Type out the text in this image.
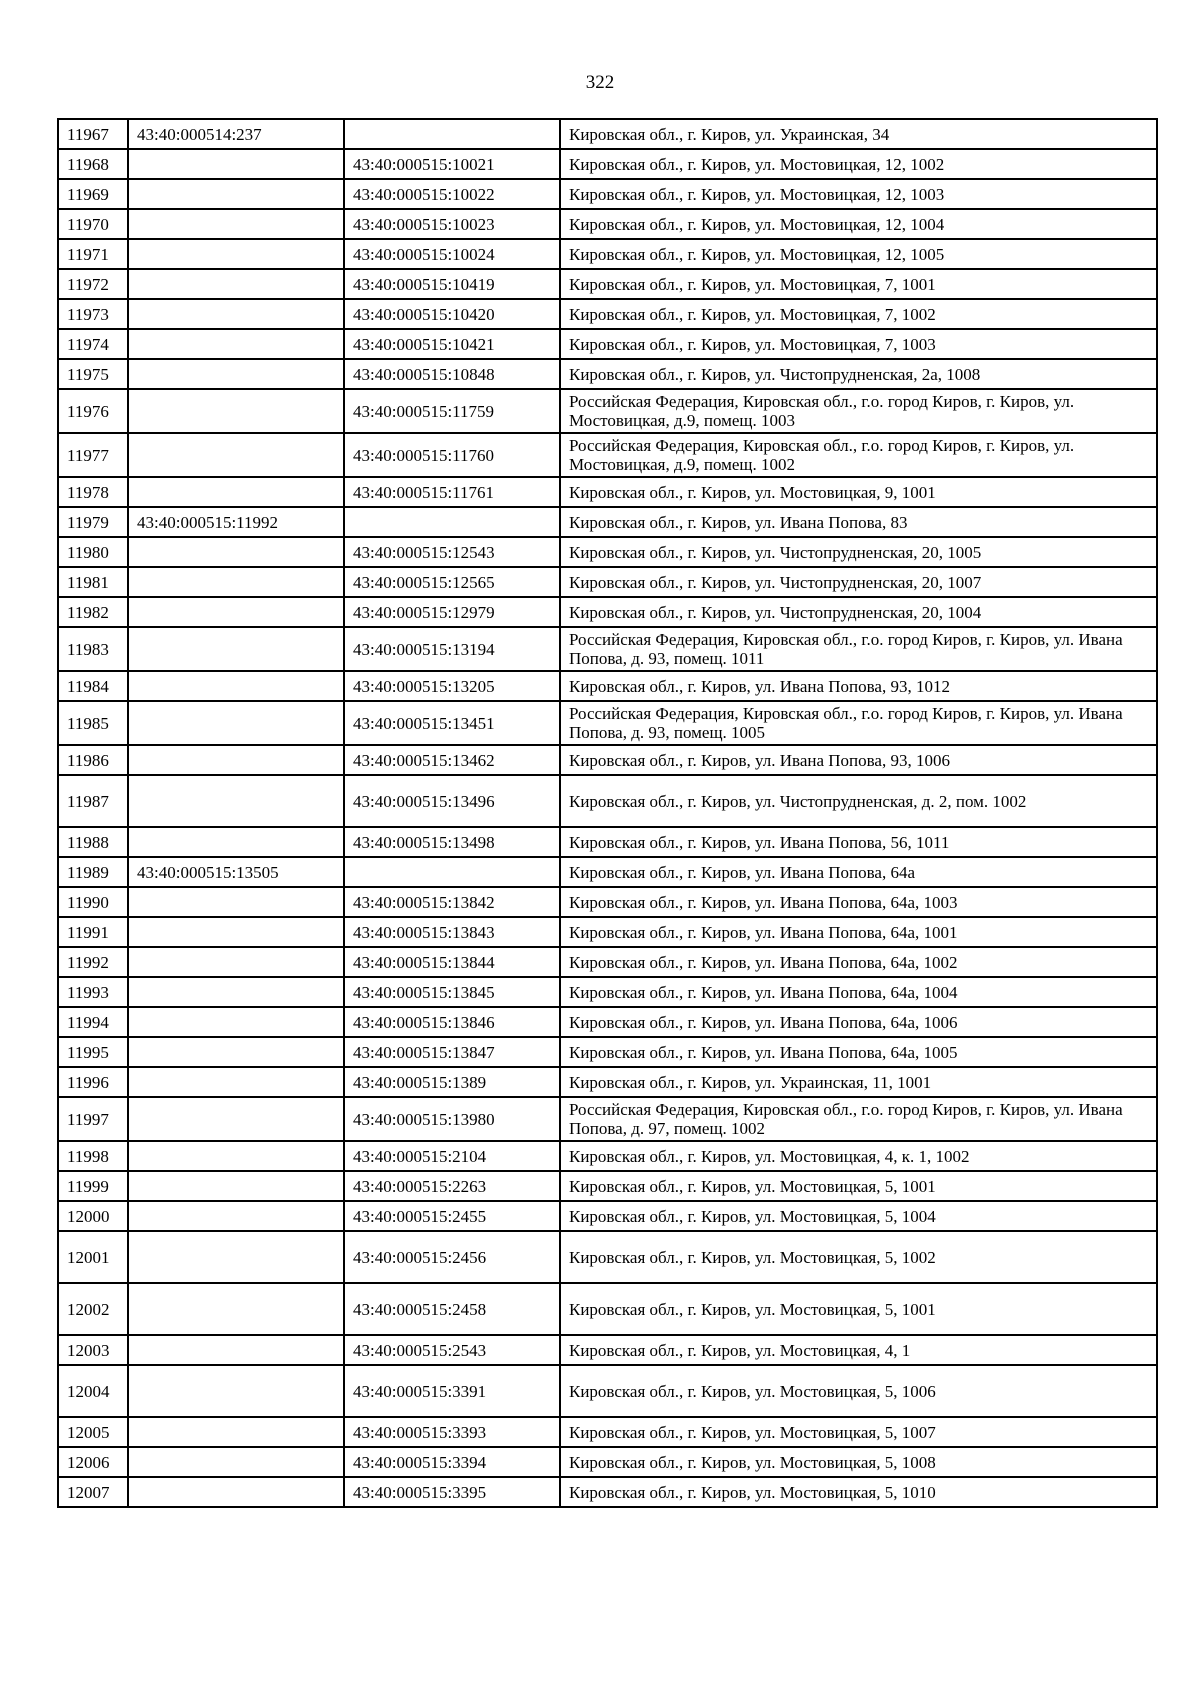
322
11967	43:40:000514:237		Кировская обл., г. Киров, ул. Украинская, 34
11968		43:40:000515:10021	Кировская обл., г. Киров, ул. Мостовицкая, 12, 1002
11969		43:40:000515:10022	Кировская обл., г. Киров, ул. Мостовицкая, 12, 1003
11970		43:40:000515:10023	Кировская обл., г. Киров, ул. Мостовицкая, 12, 1004
11971		43:40:000515:10024	Кировская обл., г. Киров, ул. Мостовицкая, 12, 1005
11972		43:40:000515:10419	Кировская обл., г. Киров, ул. Мостовицкая, 7, 1001
11973		43:40:000515:10420	Кировская обл., г. Киров, ул. Мостовицкая, 7, 1002
11974		43:40:000515:10421	Кировская обл., г. Киров, ул. Мостовицкая, 7, 1003
11975		43:40:000515:10848	Кировская обл., г. Киров, ул. Чистопрудненская, 2а, 1008
11976		43:40:000515:11759	Российская Федерация, Кировская обл., г.о. город Киров, г. Киров, ул. Мостовицкая, д.9, помещ. 1003
11977		43:40:000515:11760	Российская Федерация, Кировская обл., г.о. город Киров, г. Киров, ул. Мостовицкая, д.9, помещ. 1002
11978		43:40:000515:11761	Кировская обл., г. Киров, ул. Мостовицкая, 9, 1001
11979	43:40:000515:11992		Кировская обл., г. Киров, ул. Ивана Попова, 83
11980		43:40:000515:12543	Кировская обл., г. Киров, ул. Чистопрудненская, 20, 1005
11981		43:40:000515:12565	Кировская обл., г. Киров, ул. Чистопрудненская, 20, 1007
11982		43:40:000515:12979	Кировская обл., г. Киров, ул. Чистопрудненская, 20, 1004
11983		43:40:000515:13194	Российская Федерация, Кировская обл., г.о. город Киров, г. Киров, ул. Ивана Попова, д. 93, помещ. 1011
11984		43:40:000515:13205	Кировская обл., г. Киров, ул. Ивана Попова, 93, 1012
11985		43:40:000515:13451	Российская Федерация, Кировская обл., г.о. город Киров, г. Киров, ул. Ивана Попова, д. 93, помещ. 1005
11986		43:40:000515:13462	Кировская обл., г. Киров, ул. Ивана Попова, 93, 1006
11987		43:40:000515:13496	Кировская обл., г. Киров, ул. Чистопрудненская, д. 2, пом. 1002
11988		43:40:000515:13498	Кировская обл., г. Киров, ул. Ивана Попова, 56, 1011
11989	43:40:000515:13505		Кировская обл., г. Киров, ул. Ивана Попова, 64а
11990		43:40:000515:13842	Кировская обл., г. Киров, ул. Ивана Попова, 64а, 1003
11991		43:40:000515:13843	Кировская обл., г. Киров, ул. Ивана Попова, 64а, 1001
11992		43:40:000515:13844	Кировская обл., г. Киров, ул. Ивана Попова, 64а, 1002
11993		43:40:000515:13845	Кировская обл., г. Киров, ул. Ивана Попова, 64а, 1004
11994		43:40:000515:13846	Кировская обл., г. Киров, ул. Ивана Попова, 64а, 1006
11995		43:40:000515:13847	Кировская обл., г. Киров, ул. Ивана Попова, 64а, 1005
11996		43:40:000515:1389	Кировская обл., г. Киров, ул. Украинская, 11, 1001
11997		43:40:000515:13980	Российская Федерация, Кировская обл., г.о. город Киров, г. Киров, ул. Ивана Попова, д. 97, помещ. 1002
11998		43:40:000515:2104	Кировская обл., г. Киров, ул. Мостовицкая, 4, к. 1, 1002
11999		43:40:000515:2263	Кировская обл., г. Киров, ул. Мостовицкая, 5, 1001
12000		43:40:000515:2455	Кировская обл., г. Киров, ул. Мостовицкая, 5, 1004
12001		43:40:000515:2456	Кировская обл., г. Киров, ул. Мостовицкая, 5, 1002
12002		43:40:000515:2458	Кировская обл., г. Киров, ул. Мостовицкая, 5, 1001
12003		43:40:000515:2543	Кировская обл., г. Киров, ул. Мостовицкая, 4, 1
12004		43:40:000515:3391	Кировская обл., г. Киров, ул. Мостовицкая, 5, 1006
12005		43:40:000515:3393	Кировская обл., г. Киров, ул. Мостовицкая, 5, 1007
12006		43:40:000515:3394	Кировская обл., г. Киров, ул. Мостовицкая, 5, 1008
12007		43:40:000515:3395	Кировская обл., г. Киров, ул. Мостовицкая, 5, 1010
